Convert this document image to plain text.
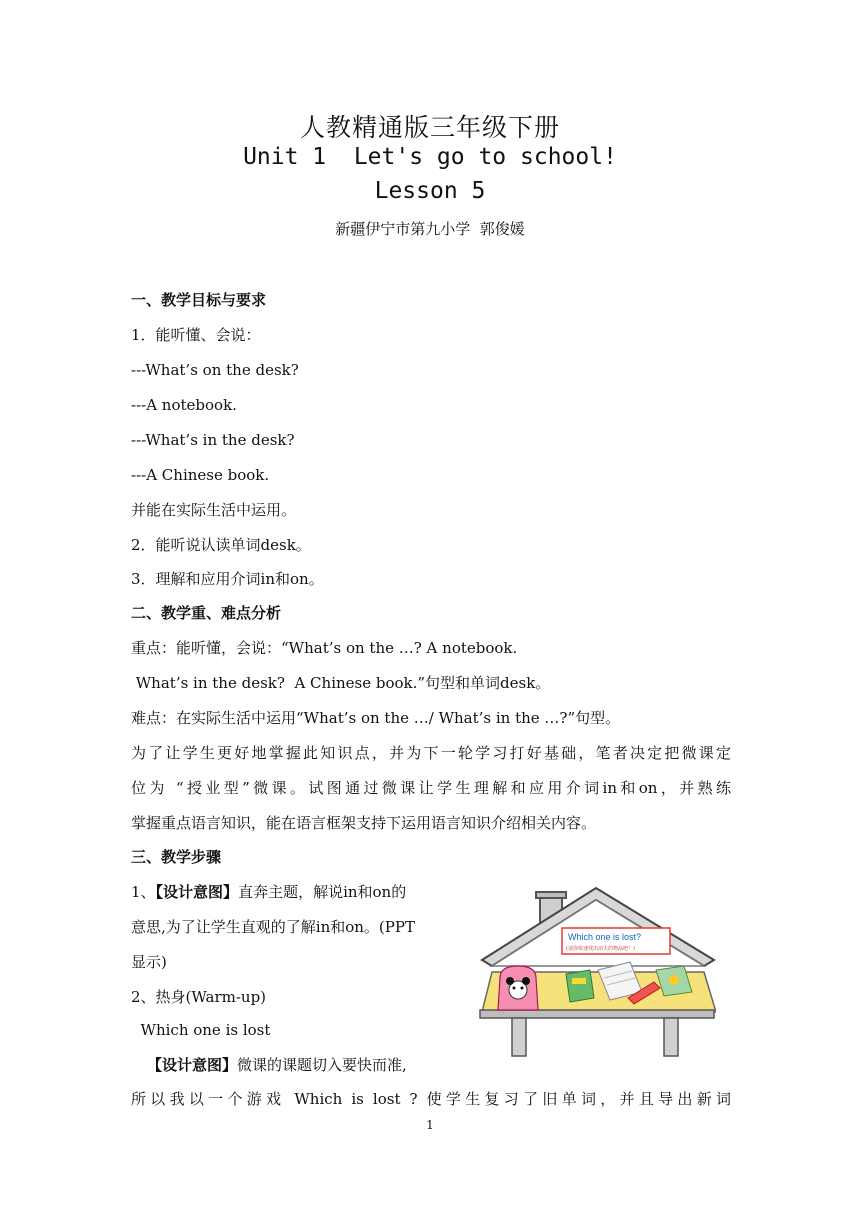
人教精通版三年级下册
Unit 1  Let's go to school!
Lesson 5
新疆伊宁市第九小学  郭俊媛
一、教学目标与要求
1．能听懂、会说：
---What’s on the desk?
---A notebook.
---What’s in the desk?
---A Chinese book.
并能在实际生活中运用。
2．能听说认读单词desk。
3．理解和应用介词in和on。
二、教学重、难点分析
重点：能听懂，会说：“What’s on the …? A notebook.
What’s in the desk?  A Chinese book.”句型和单词desk。
难点：在实际生活中运用“What’s on the …/ What’s in the …?”句型。
为了让学生更好地掌握此知识点，并为下一轮学习打好基础，笔者决定把微课定
位为 “授业型”微课。试图通过微课让学生理解和应用介词in和on，并熟练
掌握重点语言知识，能在语言框架支持下运用语言知识介绍相关内容。
三、教学步骤
1、【设计意图】直奔主题，解说in和on的
意思,为了让学生直观的了解in和on。(PPT
显示)
2、热身(Warm-up)
Which one is lost
【设计意图】微课的课题切入要快而准,
所以我以一个游戏 Which is lost ? 使学生复习了旧单词，并且导出新词
Which one is lost?
(请你快速找出消失的物品吧！)
1
